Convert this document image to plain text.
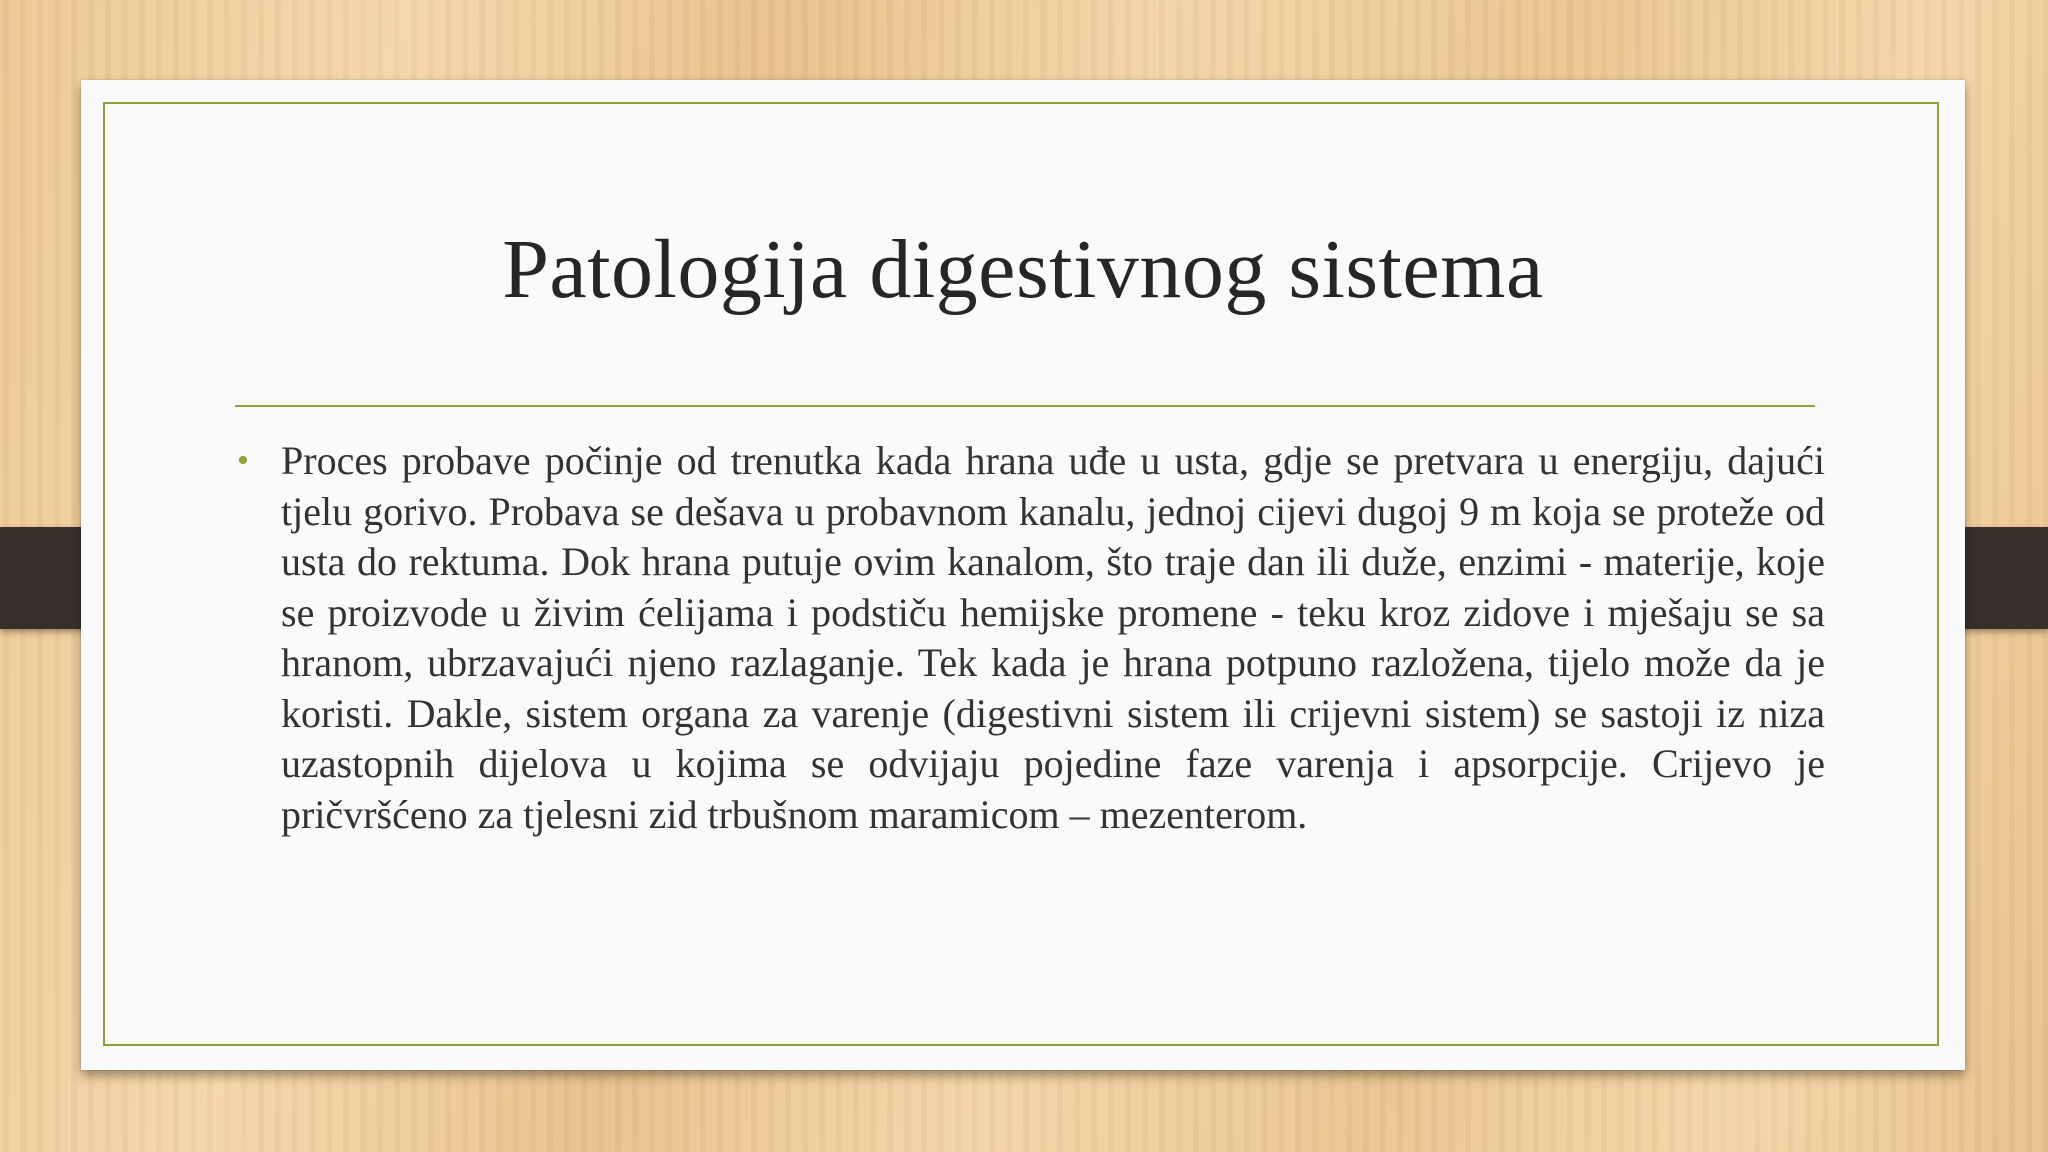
Patologija digestivnog sistema
• Proces probave počinje od trenutka kada hrana uđe u usta, gdje se pretvara u energiju, dajući tjelu gorivo. Probava se dešava u probavnom kanalu, jednoj cijevi dugoj 9 m koja se proteže od usta do rektuma. Dok hrana putuje ovim kanalom, što traje dan ili duže, enzimi - materije, koje se proizvode u živim ćelijama i podstiču hemijske promene - teku kroz zidove i mješaju se sa hranom, ubrzavajući njeno razlaganje. Tek kada je hrana potpuno razložena, tijelo može da je koristi. Dakle, sistem organa za varenje (digestivni sistem ili crijevni sistem) se sastoji iz niza uzastopnih dijelova u kojima se odvijaju pojedine faze varenja i apsorpcije. Crijevo je pričvršćeno za tjelesni zid trbušnom maramicom – mezenterom.
